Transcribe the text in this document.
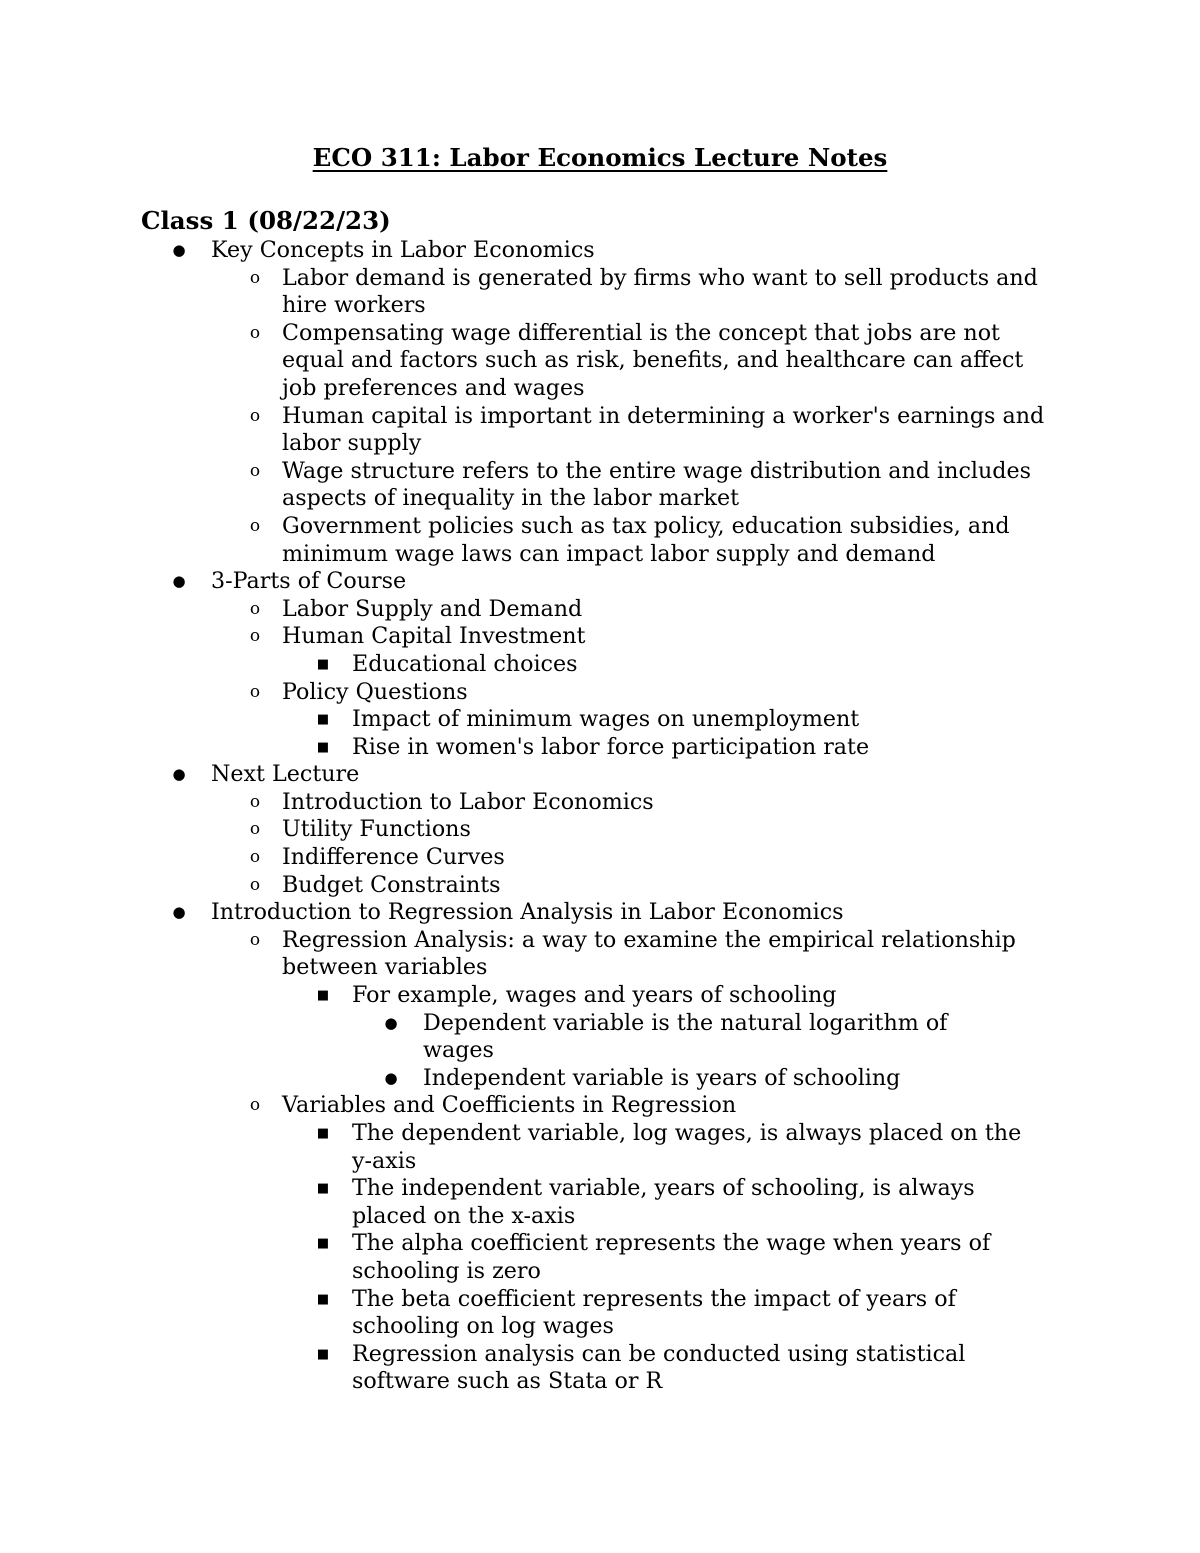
ECO 311: Labor Economics Lecture Notes
Class 1 (08/22/23)
● Key Concepts in Labor Economics
o Labor demand is generated by firms who want to sell products and hire workers
o Compensating wage differential is the concept that jobs are not equal and factors such as risk, benefits, and healthcare can affect job preferences and wages
o Human capital is important in determining a worker's earnings and labor supply
o Wage structure refers to the entire wage distribution and includes aspects of inequality in the labor market
o Government policies such as tax policy, education subsidies, and minimum wage laws can impact labor supply and demand
● 3-Parts of Course
o Labor Supply and Demand
o Human Capital Investment
■ Educational choices
o Policy Questions
■ Impact of minimum wages on unemployment
■ Rise in women's labor force participation rate
● Next Lecture
o Introduction to Labor Economics
o Utility Functions
o Indifference Curves
o Budget Constraints
● Introduction to Regression Analysis in Labor Economics
o Regression Analysis: a way to examine the empirical relationship between variables
■ For example, wages and years of schooling
● Dependent variable is the natural logarithm of wages
● Independent variable is years of schooling
o Variables and Coefficients in Regression
■ The dependent variable, log wages, is always placed on the y-axis
■ The independent variable, years of schooling, is always placed on the x-axis
■ The alpha coefficient represents the wage when years of schooling is zero
■ The beta coefficient represents the impact of years of schooling on log wages
■ Regression analysis can be conducted using statistical software such as Stata or R
